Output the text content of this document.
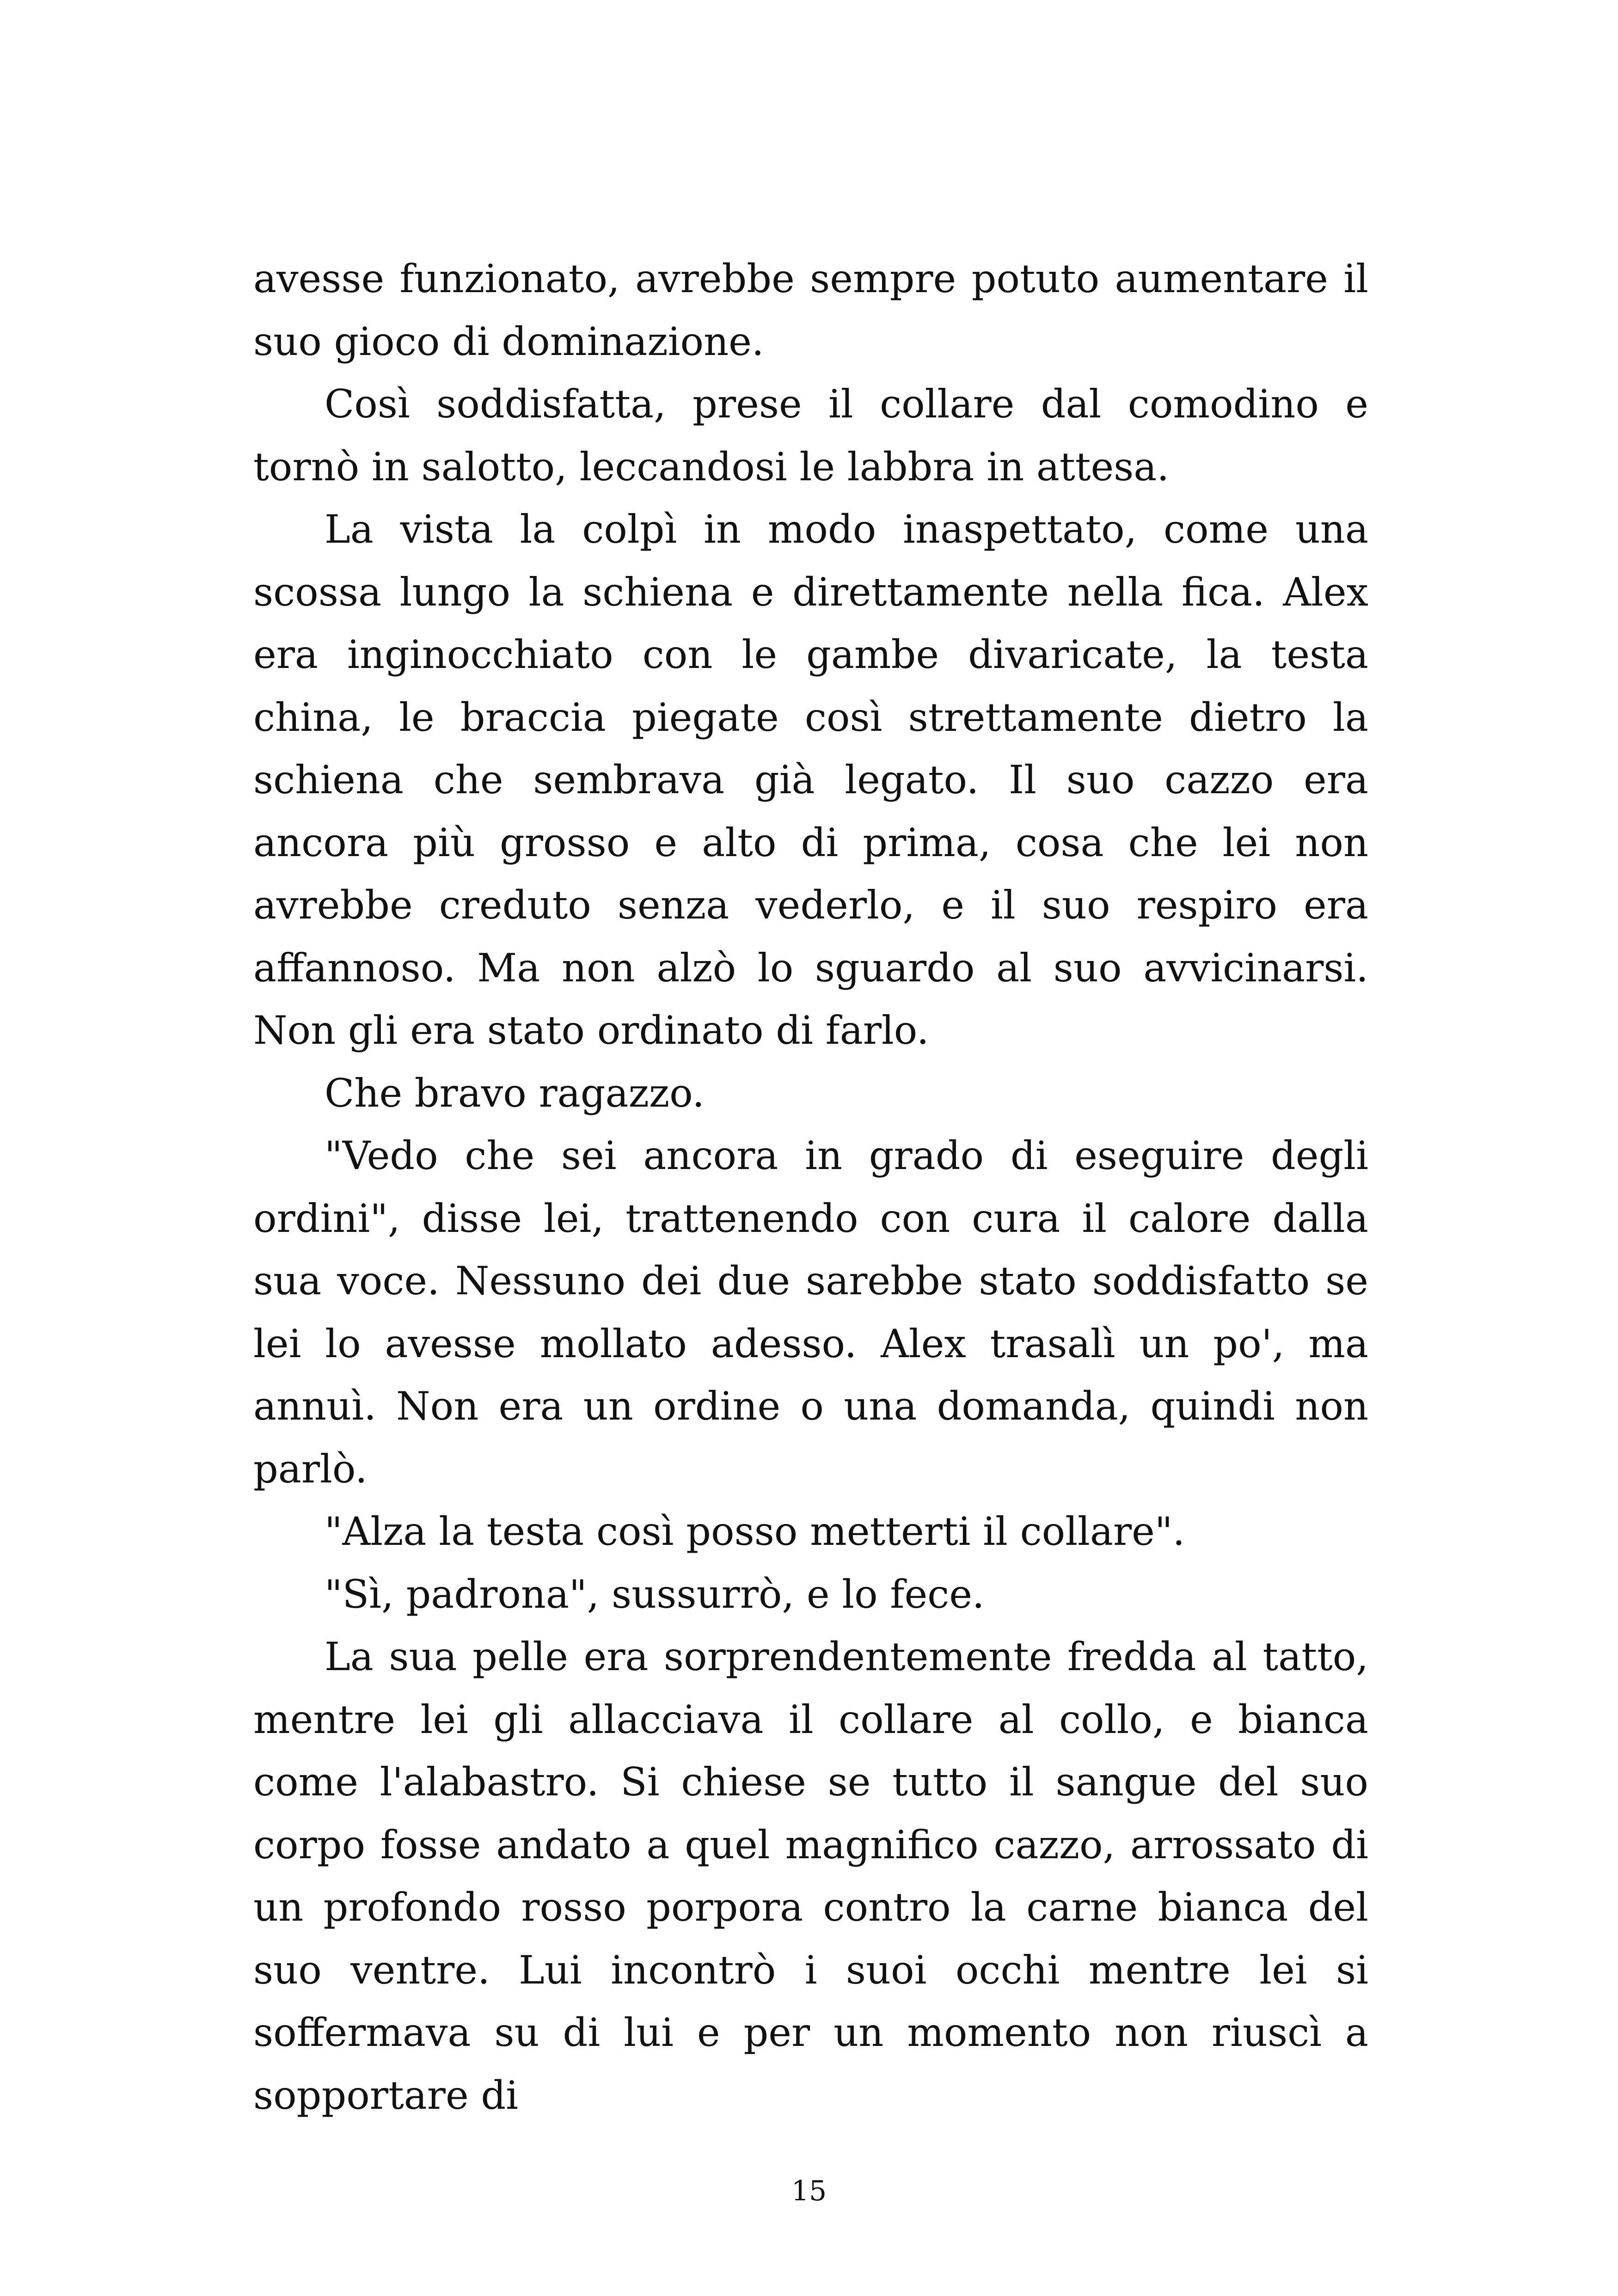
avesse funzionato, avrebbe sempre potuto aumentare il suo gioco di dominazione.

Così soddisfatta, prese il collare dal comodino e tornò in salotto, leccandosi le labbra in attesa.

La vista la colpì in modo inaspettato, come una scossa lungo la schiena e direttamente nella fica. Alex era inginocchiato con le gambe divaricate, la testa china, le braccia piegate così strettamente dietro la schiena che sembrava già legato. Il suo cazzo era ancora più grosso e alto di prima, cosa che lei non avrebbe creduto senza vederlo, e il suo respiro era affannoso. Ma non alzò lo sguardo al suo avvicinarsi. Non gli era stato ordinato di farlo.

Che bravo ragazzo.

"Vedo che sei ancora in grado di eseguire degli ordini", disse lei, trattenendo con cura il calore dalla sua voce. Nessuno dei due sarebbe stato soddisfatto se lei lo avesse mollato adesso. Alex trasalì un po', ma annuì. Non era un ordine o una domanda, quindi non parlò.

"Alza la testa così posso metterti il collare".

"Sì, padrona", sussurrò, e lo fece.

La sua pelle era sorprendentemente fredda al tatto, mentre lei gli allacciava il collare al collo, e bianca come l'alabastro. Si chiese se tutto il sangue del suo corpo fosse andato a quel magnifico cazzo, arrossato di un profondo rosso porpora contro la carne bianca del suo ventre. Lui incontrò i suoi occhi mentre lei si soffermava su di lui e per un momento non riuscì a sopportare di

15
